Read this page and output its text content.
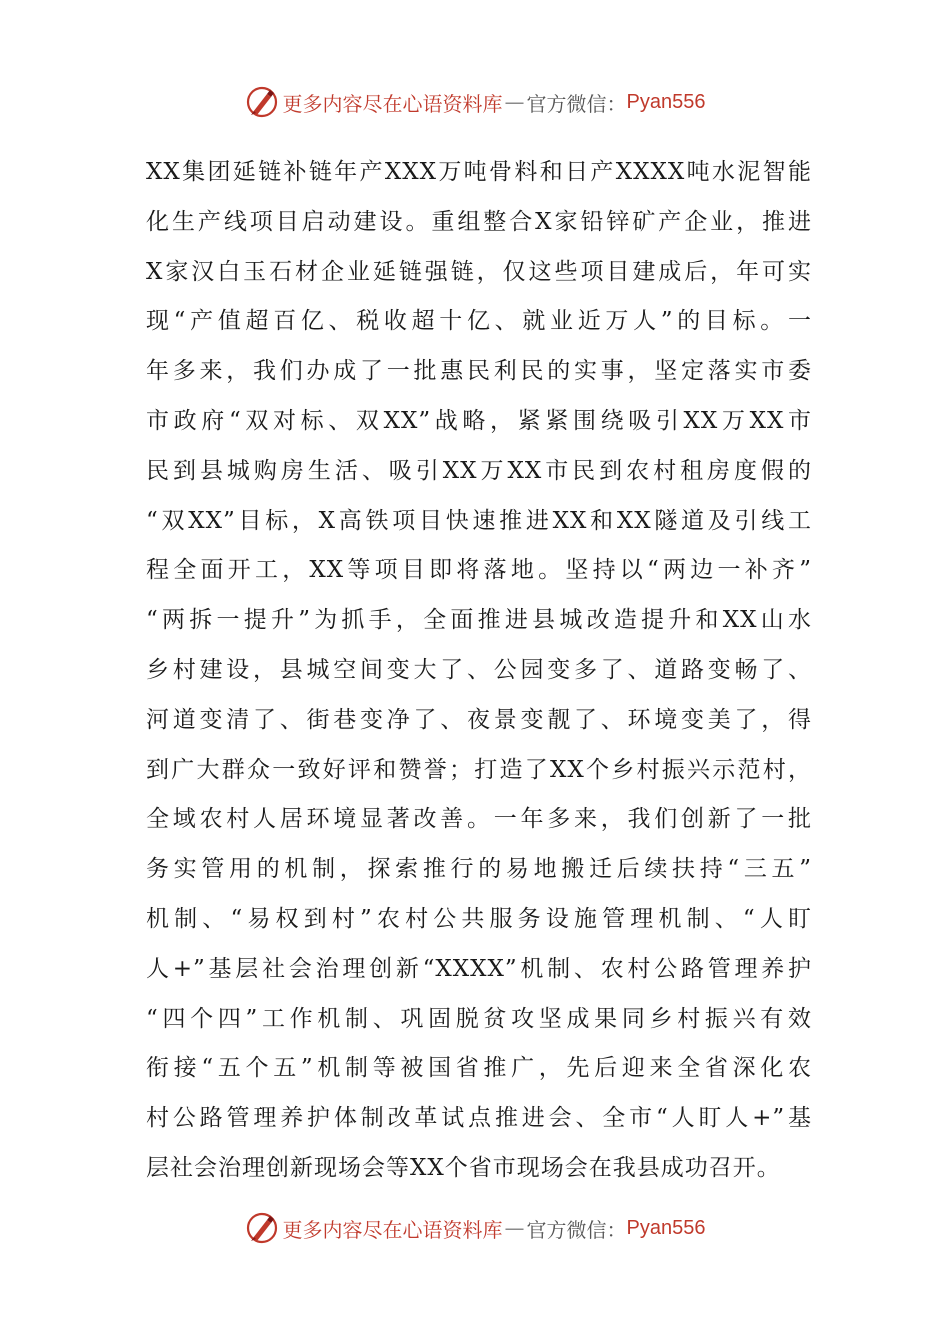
更多内容尽在心语资料库 — 官方微信： Pyan556
XX集团延链补链年产XXX万吨骨料和日产XXXX吨水泥智能
化生产线项目启动建设。重组整合X家铅锌矿产企业，推进
X家汉白玉石材企业延链强链，仅这些项目建成后，年可实
现“产值超百亿、税收超十亿、就业近万人”的目标。一
年多来，我们办成了一批惠民利民的实事，坚定落实市委
市政府“双对标、双XX”战略，紧紧围绕吸引XX万XX市
民到县城购房生活、吸引XX万XX市民到农村租房度假的
“双XX”目标，X高铁项目快速推进XX和XX隧道及引线工
程全面开工，XX等项目即将落地。坚持以“两边一补齐”
“两拆一提升”为抓手，全面推进县城改造提升和XX山水
乡村建设，县城空间变大了、公园变多了、道路变畅了、
河道变清了、街巷变净了、夜景变靓了、环境变美了，得
到广大群众一致好评和赞誉；打造了XX个乡村振兴示范村，
全域农村人居环境显著改善。一年多来，我们创新了一批
务实管用的机制，探索推行的易地搬迁后续扶持“三五”
机制、“易权到村”农村公共服务设施管理机制、“人盯
人+”基层社会治理创新“XXXX”机制、农村公路管理养护
“四个四”工作机制、巩固脱贫攻坚成果同乡村振兴有效
衔接“五个五”机制等被国省推广，先后迎来全省深化农
村公路管理养护体制改革试点推进会、全市“人盯人+”基
层社会治理创新现场会等XX个省市现场会在我县成功召开。
更多内容尽在心语资料库 — 官方微信： Pyan556
